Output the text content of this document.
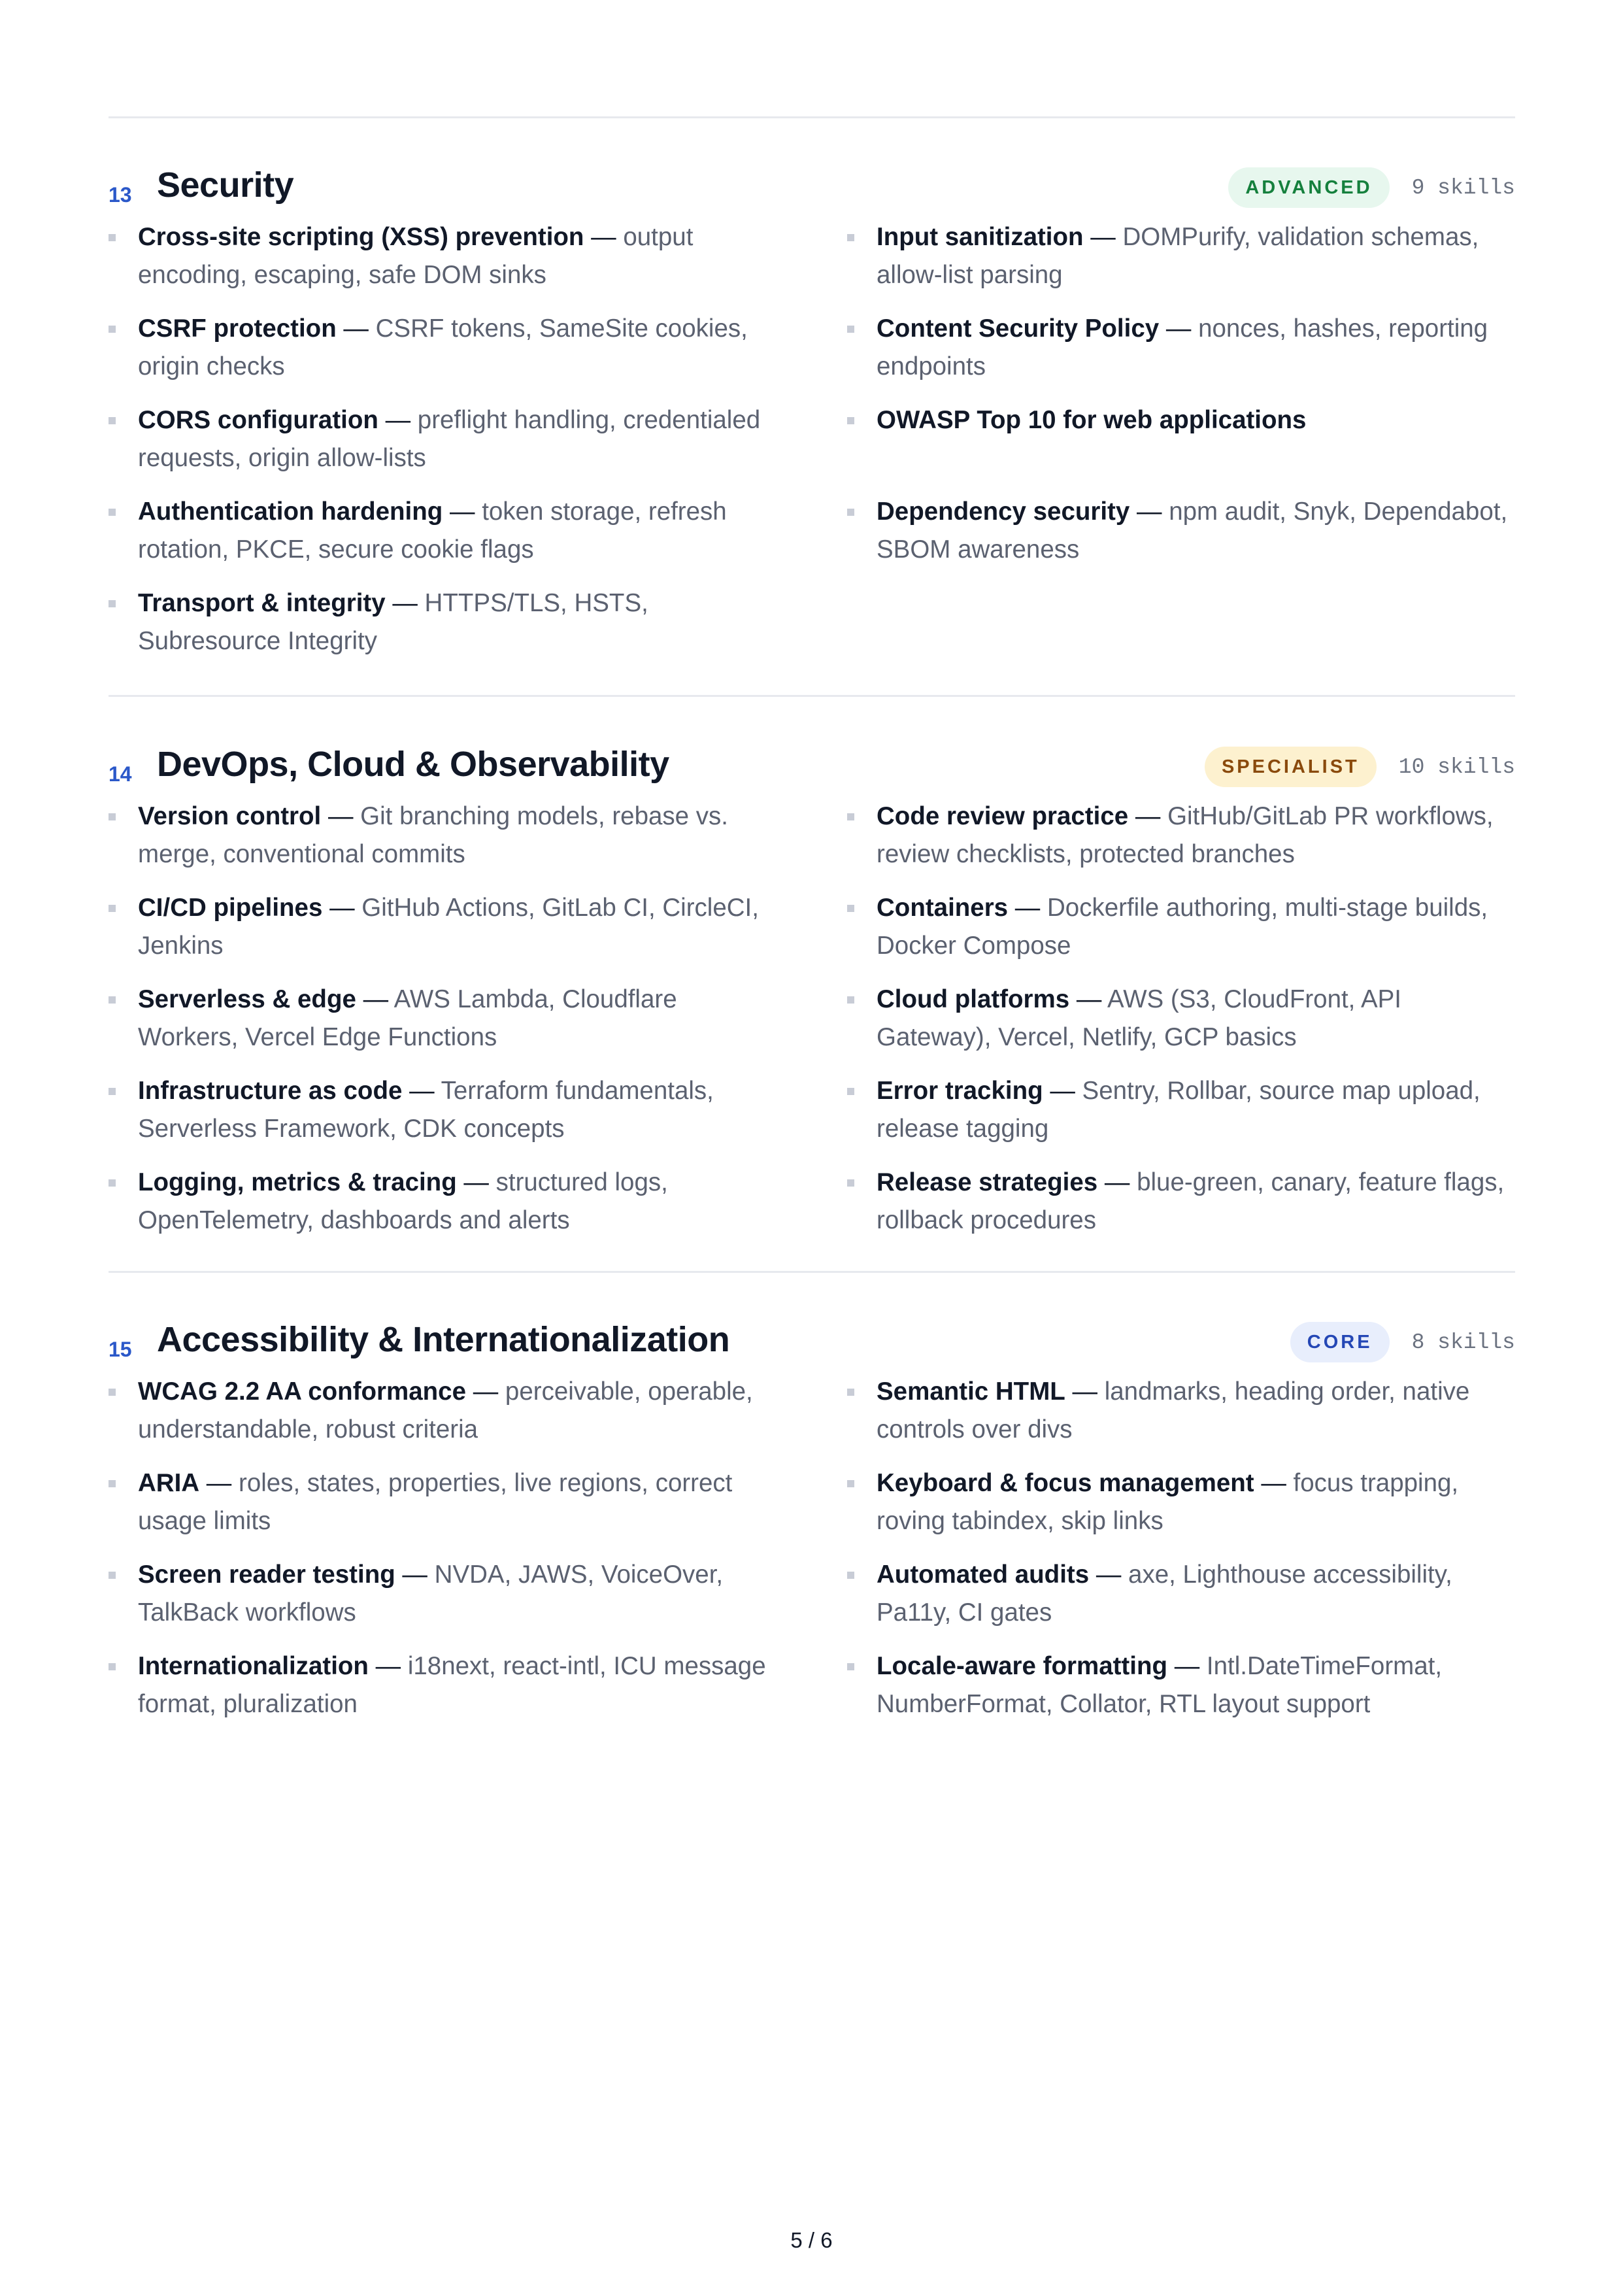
13 Security	ADVANCED	9 skills
Cross-site scripting (XSS) prevention — output encoding, escaping, safe DOM sinks
Input sanitization — DOMPurify, validation schemas, allow-list parsing
CSRF protection — CSRF tokens, SameSite cookies, origin checks
Content Security Policy — nonces, hashes, reporting endpoints
CORS configuration — preflight handling, credentialed requests, origin allow-lists
OWASP Top 10 for web applications
Authentication hardening — token storage, refresh rotation, PKCE, secure cookie flags
Dependency security — npm audit, Snyk, Dependabot, SBOM awareness
Transport & integrity — HTTPS/TLS, HSTS, Subresource Integrity
14 DevOps, Cloud & Observability	SPECIALIST	10 skills
Version control — Git branching models, rebase vs. merge, conventional commits
Code review practice — GitHub/GitLab PR workflows, review checklists, protected branches
CI/CD pipelines — GitHub Actions, GitLab CI, CircleCI, Jenkins
Containers — Dockerfile authoring, multi-stage builds, Docker Compose
Serverless & edge — AWS Lambda, Cloudflare Workers, Vercel Edge Functions
Cloud platforms — AWS (S3, CloudFront, API Gateway), Vercel, Netlify, GCP basics
Infrastructure as code — Terraform fundamentals, Serverless Framework, CDK concepts
Error tracking — Sentry, Rollbar, source map upload, release tagging
Logging, metrics & tracing — structured logs, OpenTelemetry, dashboards and alerts
Release strategies — blue-green, canary, feature flags, rollback procedures
15 Accessibility & Internationalization	CORE	8 skills
WCAG 2.2 AA conformance — perceivable, operable, understandable, robust criteria
Semantic HTML — landmarks, heading order, native controls over divs
ARIA — roles, states, properties, live regions, correct usage limits
Keyboard & focus management — focus trapping, roving tabindex, skip links
Screen reader testing — NVDA, JAWS, VoiceOver, TalkBack workflows
Automated audits — axe, Lighthouse accessibility, Pa11y, CI gates
Internationalization — i18next, react-intl, ICU message format, pluralization
Locale-aware formatting — Intl.DateTimeFormat, NumberFormat, Collator, RTL layout support
5 / 6
